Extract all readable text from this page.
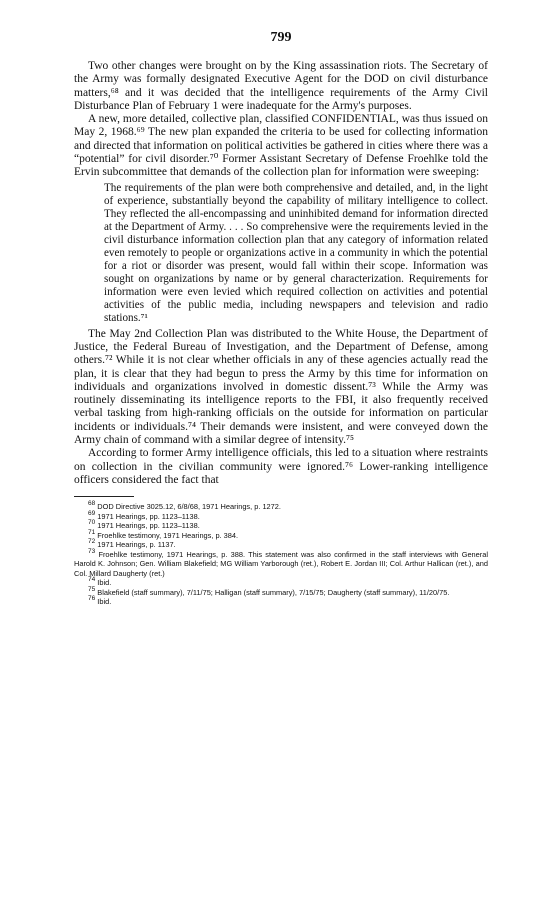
799

Two other changes were brought on by the King assassination riots. The Secretary of the Army was formally designated Executive Agent for the DOD on civil disturbance matters,⁶⁸ and it was decided that the intelligence requirements of the Army Civil Disturbance Plan of February 1 were inadequate for the Army's purposes.

A new, more detailed, collective plan, classified CONFIDENTIAL, was thus issued on May 2, 1968.⁶⁹ The new plan expanded the criteria to be used for collecting information and directed that information on political activities be gathered in cities where there was a “potential” for civil disorder.⁷⁰ Former Assistant Secretary of Defense Froehlke told the Ervin subcommittee that demands of the collection plan for information were sweeping:

The requirements of the plan were both comprehensive and detailed, and, in the light of experience, substantially beyond the capability of military intelligence to collect. They reflected the all-encompassing and uninhibited demand for information directed at the Department of Army. . . . So comprehensive were the requirements levied in the civil disturbance information collection plan that any category of information related even remotely to people or organizations active in a community in which the potential for a riot or disorder was present, would fall within their scope. Information was sought on organizations by name or by general characterization. Requirements for information were even levied which required collection on activities and potential activities of the public media, including newspapers and television and radio stations.⁷¹

The May 2nd Collection Plan was distributed to the White House, the Department of Justice, the Federal Bureau of Investigation, and the Department of Defense, among others.⁷² While it is not clear whether officials in any of these agencies actually read the plan, it is clear that they had begun to press the Army by this time for information on individuals and organizations involved in domestic dissent.⁷³ While the Army was routinely disseminating its intelligence reports to the FBI, it also frequently received verbal tasking from high-ranking officials on the outside for information on particular incidents or individuals.⁷⁴ Their demands were insistent, and were conveyed down the Army chain of command with a similar degree of intensity.⁷⁵

According to former Army intelligence officials, this led to a situation where restraints on collection in the civilian community were ignored.⁷⁶ Lower-ranking intelligence officers considered the fact that

$^{68}$ DOD Directive 3025.12, 6/8/68, 1971 Hearings, p. 1272.

$^{69}$ 1971 Hearings, pp. 1123–1138.

$^{70}$ 1971 Hearings, pp. 1123–1138.

$^{71}$ Froehlke testimony, 1971 Hearings, p. 384.

$^{72}$ 1971 Hearings, p. 1137.

$^{73}$ Froehlke testimony, 1971 Hearings, p. 388. This statement was also confirmed in the staff interviews with General Harold K. Johnson; Gen. William Blakefield; MG William Yarborough (ret.), Robert E. Jordan III; Col. Arthur Hallican (ret.), and Col. Millard Daugherty (ret.)

$^{74}$ Ibid.

$^{75}$ Blakefield (staff summary), 7/11/75; Halligan (staff summary), 7/15/75; Daugherty (staff summary), 11/20/75.

$^{76}$ Ibid.
